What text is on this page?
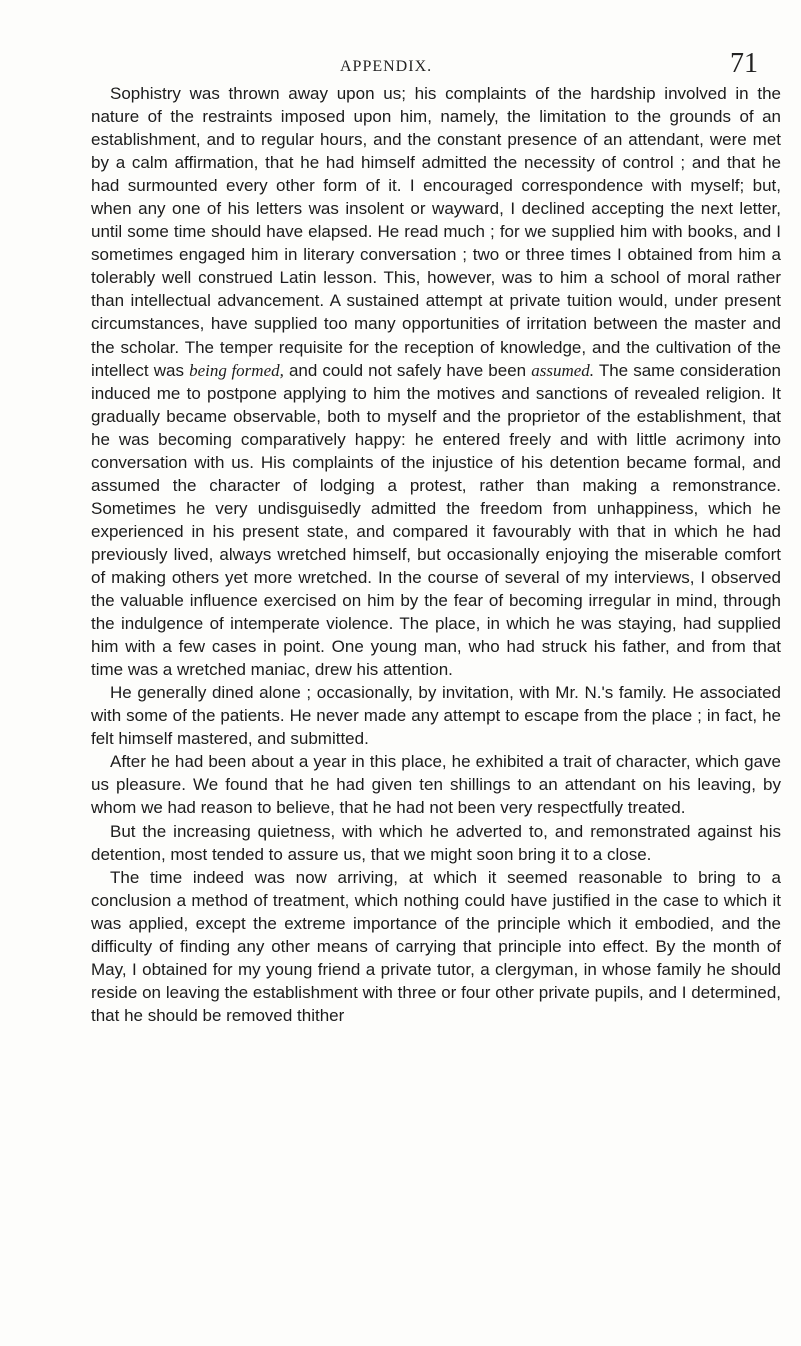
APPENDIX.	71

Sophistry was thrown away upon us; his complaints of the hardship involved in the nature of the restraints imposed upon him, namely, the limitation to the grounds of an establishment, and to regular hours, and the constant presence of an attendant, were met by a calm affirmation, that he had himself admitted the necessity of control ; and that he had surmounted every other form of it. I encouraged correspondence with myself; but, when any one of his letters was insolent or wayward, I declined accepting the next letter, until some time should have elapsed. He read much ; for we supplied him with books, and I sometimes engaged him in literary conversation ; two or three times I obtained from him a tolerably well construed Latin lesson. This, however, was to him a school of moral rather than intellectual advancement. A sustained attempt at private tuition would, under present circumstances, have supplied too many opportunities of irritation between the master and the scholar. The temper requisite for the reception of knowledge, and the cultivation of the intellect was being formed, and could not safely have been assumed. The same consideration induced me to postpone applying to him the motives and sanctions of revealed religion. It gradually became observable, both to myself and the proprietor of the establishment, that he was becoming comparatively happy: he entered freely and with little acrimony into conversation with us. His complaints of the injustice of his detention became formal, and assumed the character of lodging a protest, rather than making a remonstrance. Sometimes he very undisguisedly admitted the freedom from unhappiness, which he experienced in his present state, and compared it favourably with that in which he had previously lived, always wretched himself, but occasionally enjoying the miserable comfort of making others yet more wretched. In the course of several of my interviews, I observed the valuable influence exercised on him by the fear of becoming irregular in mind, through the indulgence of intemperate violence. The place, in which he was staying, had supplied him with a few cases in point. One young man, who had struck his father, and from that time was a wretched maniac, drew his attention.

He generally dined alone ; occasionally, by invitation, with Mr. N.'s family. He associated with some of the patients. He never made any attempt to escape from the place ; in fact, he felt himself mastered, and submitted.

After he had been about a year in this place, he exhibited a trait of character, which gave us pleasure. We found that he had given ten shillings to an attendant on his leaving, by whom we had reason to believe, that he had not been very respectfully treated.

But the increasing quietness, with which he adverted to, and remonstrated against his detention, most tended to assure us, that we might soon bring it to a close.

The time indeed was now arriving, at which it seemed reasonable to bring to a conclusion a method of treatment, which nothing could have justified in the case to which it was applied, except the extreme importance of the principle which it embodied, and the difficulty of finding any other means of carrying that principle into effect. By the month of May, I obtained for my young friend a private tutor, a clergyman, in whose family he should reside on leaving the establishment with three or four other private pupils, and I determined, that he should be removed thither
